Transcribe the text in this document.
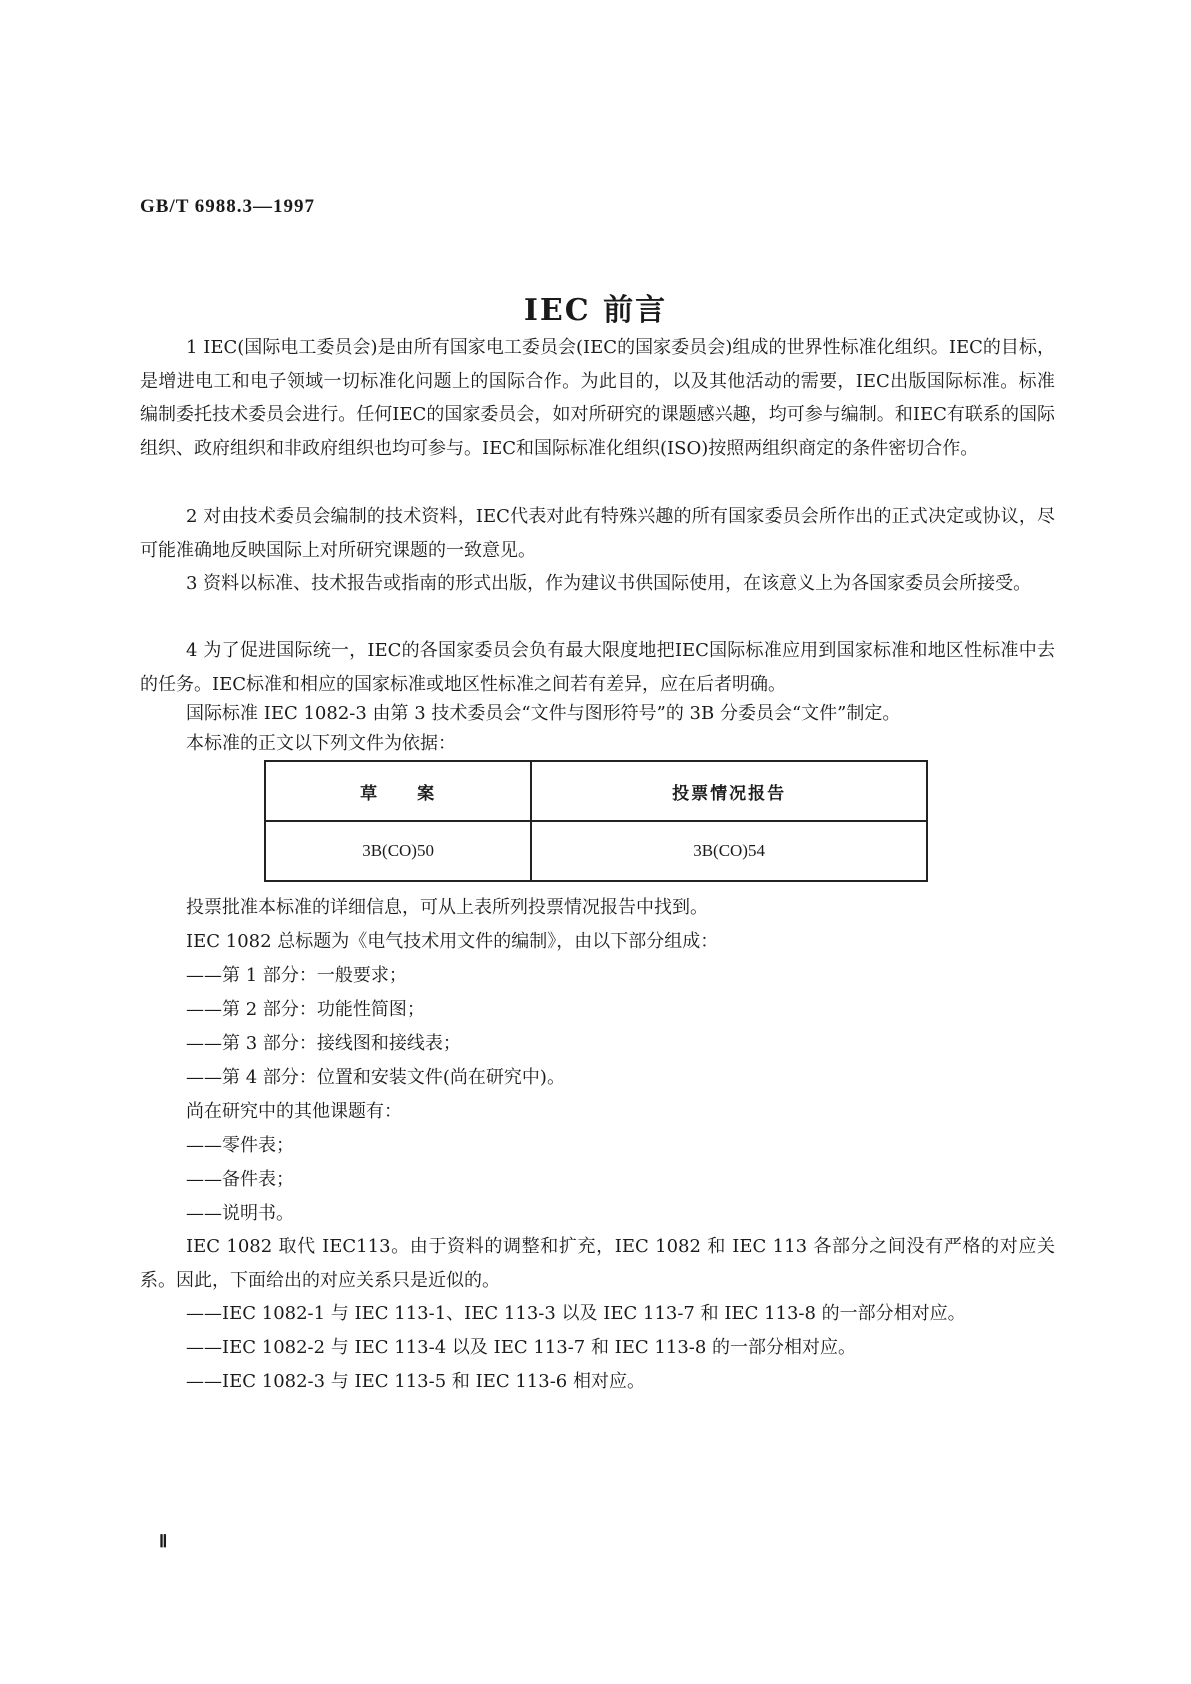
GB/T 6988.3—1997
IEC 前言

1 IEC(国际电工委员会)是由所有国家电工委员会(IEC的国家委员会)组成的世界性标准化组织。IEC的目标，是增进电工和电子领域一切标准化问题上的国际合作。为此目的，以及其他活动的需要，IEC出版国际标准。标准编制委托技术委员会进行。任何IEC的国家委员会，如对所研究的课题感兴趣，均可参与编制。和IEC有联系的国际组织、政府组织和非政府组织也均可参与。IEC和国际标准化组织(ISO)按照两组织商定的条件密切合作。

2 对由技术委员会编制的技术资料，IEC代表对此有特殊兴趣的所有国家委员会所作出的正式决定或协议，尽可能准确地反映国际上对所研究课题的一致意见。

3 资料以标准、技术报告或指南的形式出版，作为建议书供国际使用，在该意义上为各国家委员会所接受。

4 为了促进国际统一，IEC的各国家委员会负有最大限度地把IEC国际标准应用到国家标准和地区性标准中去的任务。IEC标准和相应的国家标准或地区性标准之间若有差异，应在后者明确。

国际标准 IEC 1082-3 由第 3 技术委员会“文件与图形符号”的 3B 分委员会“文件”制定。

本标准的正文以下列文件为依据：

草　　案	投票情况报告
3B(CO)50	3B(CO)54

投票批准本标准的详细信息，可从上表所列投票情况报告中找到。

IEC 1082 总标题为《电气技术用文件的编制》，由以下部分组成：

——第 1 部分：一般要求；

——第 2 部分：功能性简图；

——第 3 部分：接线图和接线表；

——第 4 部分：位置和安装文件(尚在研究中)。

尚在研究中的其他课题有：

——零件表；

——备件表；

——说明书。

IEC 1082 取代 IEC113。由于资料的调整和扩充，IEC 1082 和 IEC 113 各部分之间没有严格的对应关系。因此，下面给出的对应关系只是近似的。

——IEC 1082-1 与 IEC 113-1、IEC 113-3 以及 IEC 113-7 和 IEC 113-8 的一部分相对应。

——IEC 1082-2 与 IEC 113-4 以及 IEC 113-7 和 IEC 113-8 的一部分相对应。

——IEC 1082-3 与 IEC 113-5 和 IEC 113-6 相对应。

Ⅱ
